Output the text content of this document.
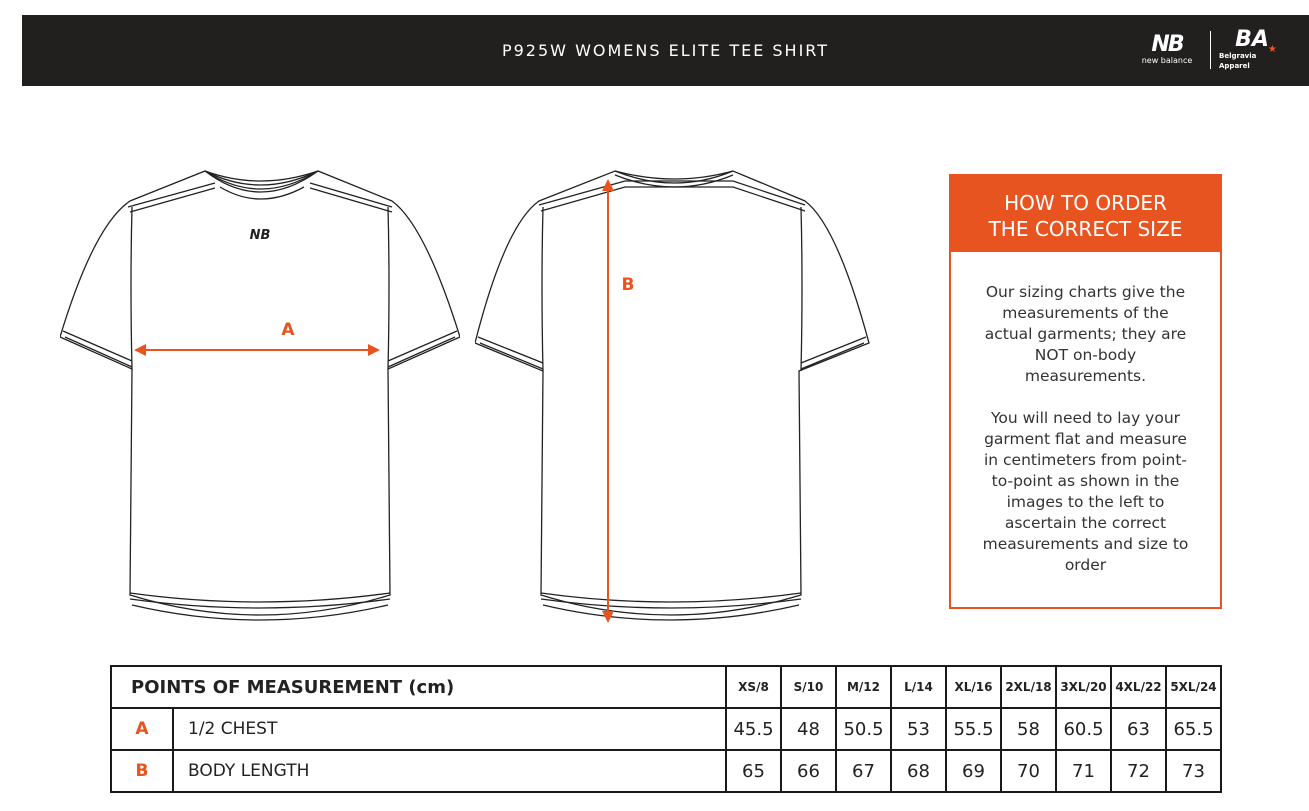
P925W WOMENS ELITE TEE SHIRT	NB
new balance
BA ★
Belgravia Apparel
NB
A
B
HOW TO ORDER
THE CORRECT SIZE

Our sizing charts give the measurements of the actual garments; they are NOT on-body measurements.

You will need to lay your garment flat and measure in centimeters from point-to-point as shown in the images to the left to ascertain the correct measurements and size to order

POINTS OF MEASUREMENT (cm)		XS/8	S/10	M/12	L/14	XL/16	2XL/18	3XL/20	4XL/22	5XL/24
A	1/2 CHEST	45.5	48	50.5	53	55.5	58	60.5	63	65.5
B	BODY LENGTH	65	66	67	68	69	70	71	72	73
